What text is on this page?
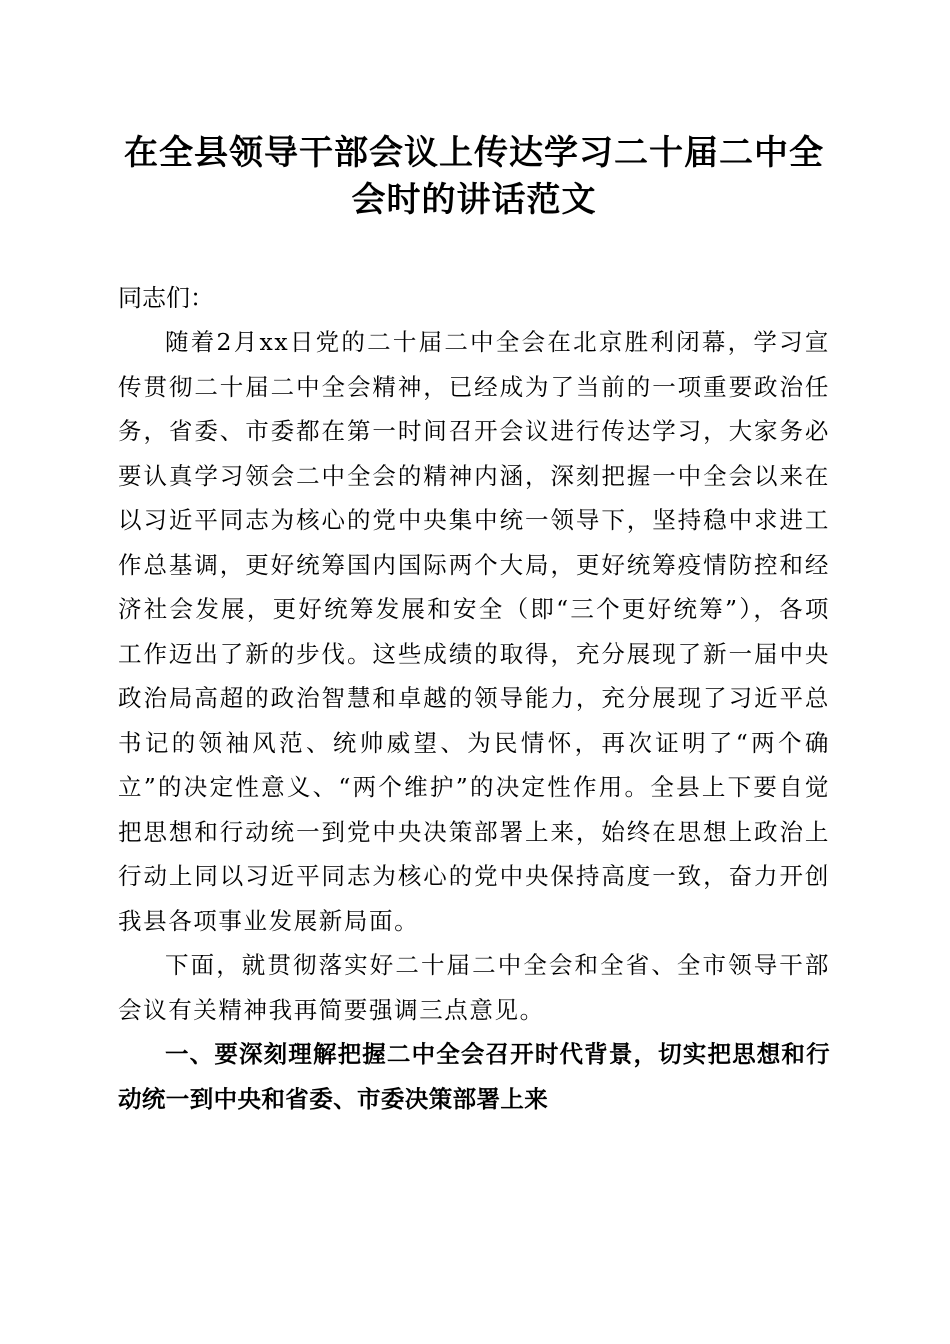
在全县领导干部会议上传达学习二十届二中全
会时的讲话范文

同志们：

随着2月xx日党的二十届二中全会在北京胜利闭幕，学习宣传贯彻二十届二中全会精神，已经成为了当前的一项重要政治任务，省委、市委都在第一时间召开会议进行传达学习，大家务必要认真学习领会二中全会的精神内涵，深刻把握一中全会以来在以习近平同志为核心的党中央集中统一领导下，坚持稳中求进工作总基调，更好统筹国内国际两个大局，更好统筹疫情防控和经济社会发展，更好统筹发展和安全（即“三个更好统筹”），各项工作迈出了新的步伐。这些成绩的取得，充分展现了新一届中央政治局高超的政治智慧和卓越的领导能力，充分展现了习近平总书记的领袖风范、统帅威望、为民情怀，再次证明了“两个确立”的决定性意义、“两个维护”的决定性作用。全县上下要自觉把思想和行动统一到党中央决策部署上来，始终在思想上政治上行动上同以习近平同志为核心的党中央保持高度一致，奋力开创我县各项事业发展新局面。

下面，就贯彻落实好二十届二中全会和全省、全市领导干部会议有关精神我再简要强调三点意见。

一、要深刻理解把握二中全会召开时代背景，切实把思想和行动统一到中央和省委、市委决策部署上来
